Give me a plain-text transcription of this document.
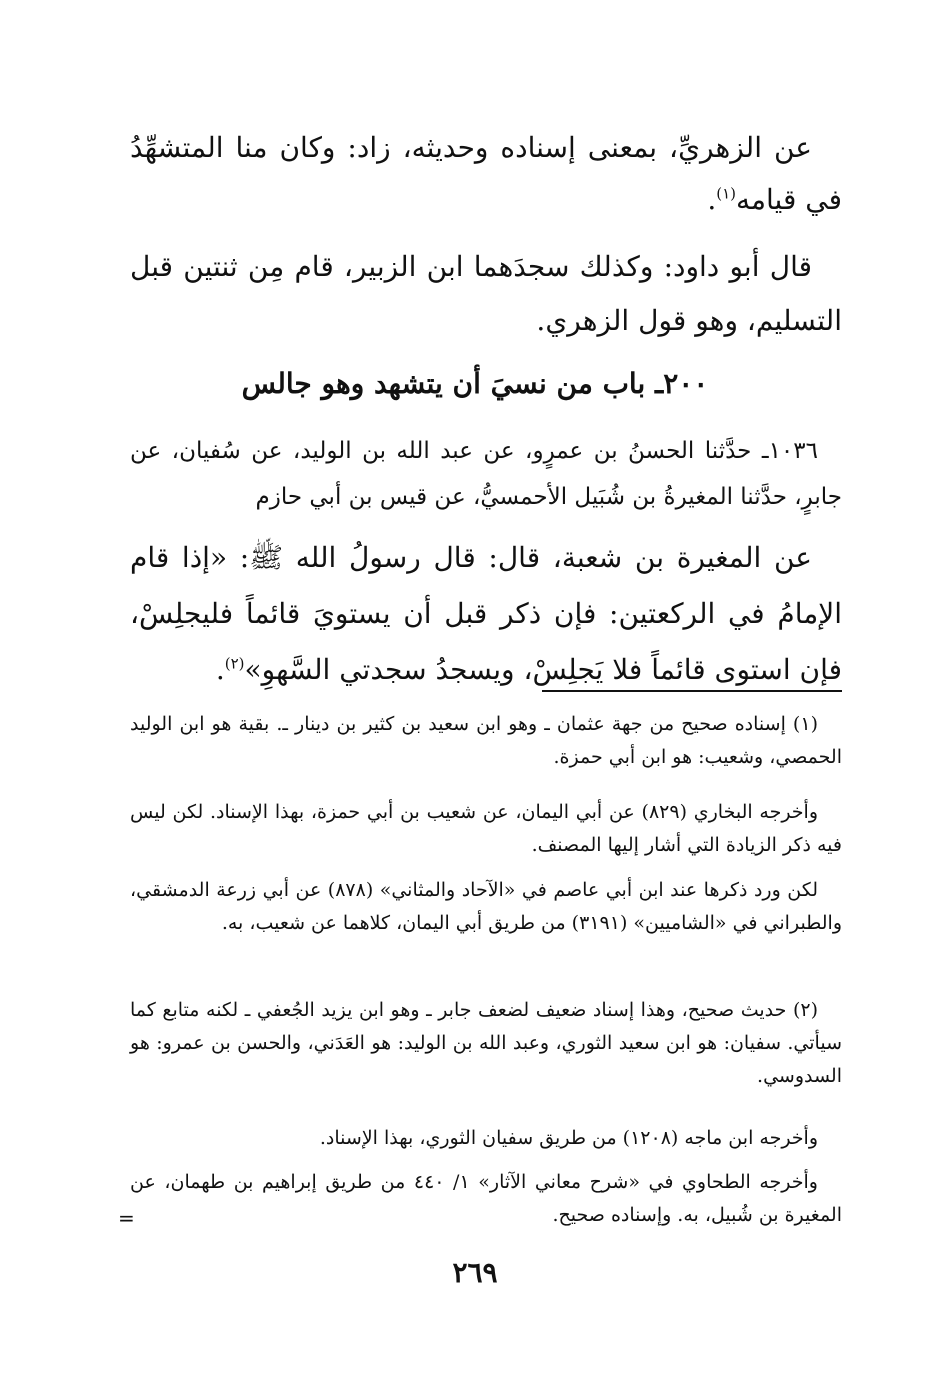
عن الزهريِّ، بمعنى إسناده وحديثه، زاد: وكان منا المتشهِّدُ في قيامه$^{(١)}$.
قال أبو داود: وكذلك سجدَهما ابن الزبير، قام مِن ثنتين قبل التسليم، وهو قول الزهري.
٢٠٠ـ باب من نسيَ أن يتشهد وهو جالس
١٠٣٦ـ حدَّثنا الحسنُ بن عمرٍو، عن عبد الله بن الوليد، عن سُفيان، عن جابرٍ، حدَّثنا المغيرةُ بن شُبَيل الأحمسيُّ، عن قيس بن أبي حازم
عن المغيرة بن شعبة، قال: قال رسولُ الله ﷺ: «إذا قام الإمامُ في الركعتين: فإن ذكر قبل أن يستويَ قائماً فليجلِسْ، فإن استوى قائماً فلا يَجلِسْ، ويسجدُ سجدتي السَّهوِ»$^{(٢)}$.
(١) إسناده صحيح من جهة عثمان ـ وهو ابن سعيد بن كثير بن دينار ـ. بقية هو ابن الوليد الحمصي، وشعيب: هو ابن أبي حمزة.
وأخرجه البخاري (٨٢٩) عن أبي اليمان، عن شعيب بن أبي حمزة، بهذا الإسناد. لكن ليس فيه ذكر الزيادة التي أشار إليها المصنف.
لكن ورد ذكرها عند ابن أبي عاصم في «الآحاد والمثاني» (٨٧٨) عن أبي زرعة الدمشقي، والطبراني في «الشاميين» (٣١٩١) من طريق أبي اليمان، كلاهما عن شعيب، به.
(٢) حديث صحيح، وهذا إسناد ضعيف لضعف جابر ـ وهو ابن يزيد الجُعفي ـ لكنه متابع كما سيأتي. سفيان: هو ابن سعيد الثوري، وعبد الله بن الوليد: هو العَدَني، والحسن بن عمرو: هو السدوسي.
وأخرجه ابن ماجه (١٢٠٨) من طريق سفيان الثوري، بهذا الإسناد.
وأخرجه الطحاوي في «شرح معاني الآثار» ١/ ٤٤٠ من طريق إبراهيم بن طهمان، عن المغيرة بن شُبيل، به. وإسناده صحيح.
=
٢٦٩
